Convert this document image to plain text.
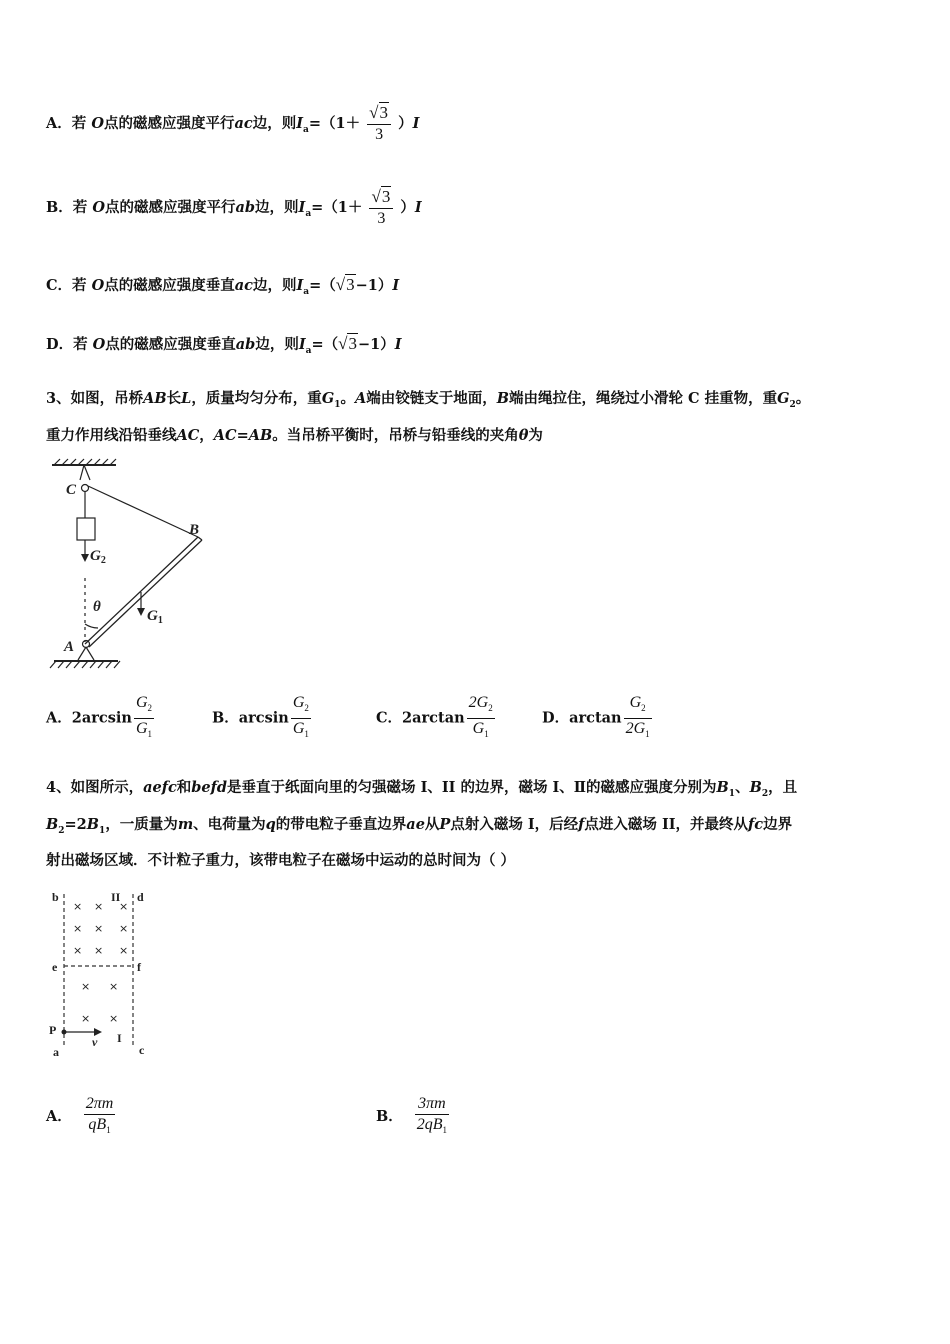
A．若 O点的磁感应强度平行ac边，则$I_a=(1+ \frac{√3}{3} )I$
B．若 O点的磁感应强度平行ab边，则$I_a=(1+ \frac{√3}{3} )I$
C．若 O点的磁感应强度垂直ac边，则$I_a=(√3-1)I$
D．若 O点的磁感应强度垂直ab边，则$I_a=(√3-1)I$
3、如图，吊桥AB长L，质量均匀分布，重$G_1$。A端由铰链支于地面，B端由绳拉住，绳绕过小滑轮 C 挂重物，重$G_2$。
重力作用线沿铅垂线AC，AC=AB。当吊桥平衡时，吊桥与铅垂线的夹角θ为
C
B
A
$G_2$
$G_1$
θ
A．$2\arcsin \frac{G_2}{G_1}$	B．$\arcsin \frac{G_2}{G_1}$	C．$2\arctan \frac{2G_2}{G_1}$	D．$\arctan \frac{G_2}{2G_1}$
4、如图所示，aefc和befd是垂直于纸面向里的匀强磁场 I、II 的边界，磁场 I、Ⅱ的磁感应强度分别为$B_1$、$B_2$，且
$B_2=2B_1$，一质量为m、电荷量为q的带电粒子垂直边界ae从P点射入磁场 I，后经f点进入磁场 II，并最终从fc边界
射出磁场区域．不计粒子重力，该带电粒子在磁场中运动的总时间为（ ）
× × ×
× × ×
× × ×
× ×
× ×
b	II d
e	f
P
v I
a	c
A． $\frac{2\pi m}{qB_1}$	B． $\frac{3\pi m}{2qB_1}$
